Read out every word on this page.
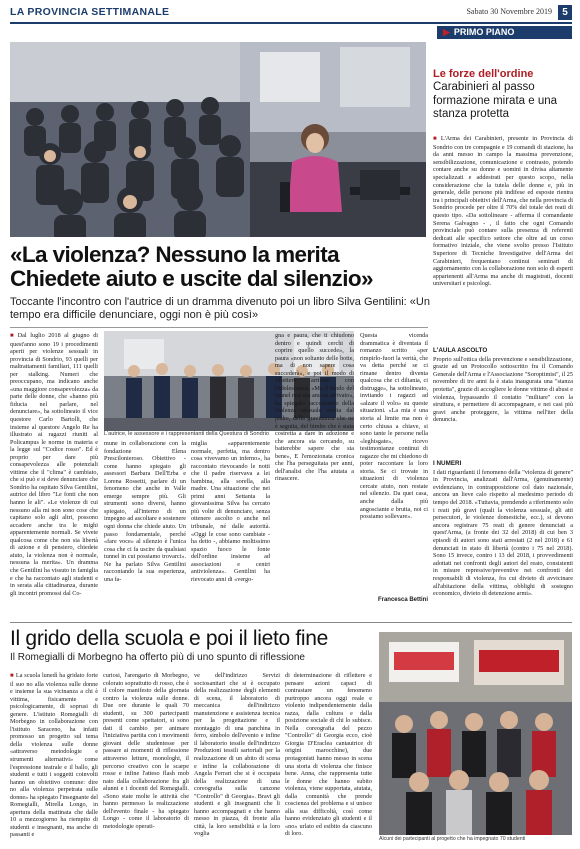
LA PROVINCIA SETTIMANALE	Sabato 30 Novembre 2019	5
▶ PRIMO PIANO
Le forze dell'ordine
Carabinieri al passo formazione mirata e una stanza protetta
■ L'Arma dei Carabinieri, presente in Provincia di Sondrio con tre compagnie e 19 comandi di stazione, ha da anni messo in campo la massima prevenzione, sensibilizzazione, comunicazione e contrasto, potendo contare anche su donne e uomini in divisa altamente specializzati e addestrati per questo scopo, nella considerazione che la tutela delle donne e, più in generale, delle persone più indifese ed esposte rientra tra i principali obiettivi dell'Arma, che nella provincia di Sondrio procede per oltre il 70% del totale dei reati di questo tipo. «Da sottolineare - afferma il comandante Serena Galvagno - , il fatto che ogni Comando provinciale può contare sulla presenza di referenti dedicati alle specifico settore che oltre ad un corso formativo iniziale, che viene svolto presso l'Istituto Superiore di Tecniche Investigative dell'Arma dei Carabinieri, frequentano continui seminari di aggiornamento con la collaborazione non solo di esperti appartenenti all'Arma ma anche di magistrati, docenti universitari e psicologi.
L'AULA ASCOLTO
Proprio sull'ottica della prevenzione e sensibilizzazione, grazie ad un Protocollo sottoscritto fra il Comando Generale dell'Arma e l'Associazione "Soroptimist", il 25 novembre di tre anni fa è stata inaugurata una "stanza protetta", grazie di accogliere le donne vittime di abusi e violenza, bypassando il contatto "militare" con la struttura, e permettere di accompagnare, e nei casi più gravi anche proteggere, la vittima nell'iter della denuncia.
I NUMERI
I dati riguardanti il fenomeno della "violenza di genere" in Provincia, analizzati dall'Arma, (genuinamente) evidenziano, in contrapposizione col dato nazionale, ancora un lieve calo rispetto al medesimo periodo di tempo del 2018. «Tuttavia, prendendo a riferimento solo i reati più gravi (quali la violenza sessuale, gli atti persecutori, le violenze domestiche, ecc.), si devono ancora registrare 75 reati di genere denunciati a quest'Arma, (a fronte dei 32 del 2018) di cui ben 3 episodi di autori sono stati arrestati (2 nel 2018) e 61 denunciati in stato di libertà (contro i 75 nel 2018). Sono 15 invece, contro i 13 del 2018, i provvedimenti adottati nei confronti degli autori del reato, consistenti in misure repressive/preventive nei confronti dei responsabili di violenza, fra cui divieto di avvicinare all'abitazione della vittima, obblighi di sostegno economico, divieto di detenzione armi».
«La violenza? Nessuno la merita Chiedete aiuto e uscite dal silenzio»
Toccante l'incontro con l'autrice di un dramma divenuto poi un libro Silva Gentilini: «Un tempo era difficile denunciare, oggi non è più così»
■ Dal luglio 2018 al giugno di quest'anno sono 19 i procedimenti aperti per violenze sessuali in provincia di Sondrio, 93 quelli per maltrattamenti familiari, 111 quelli per stalking. Numeri che preoccupano, ma indicano anche «una maggiore consapevolezza» da parte delle donne, che «hanno più fiducia nel parlare, nel denunciare», ha sottolineato il vice questore Carlo Bartolli, che insieme al questore Angelo Re ha illustrato ai ragazzi riuniti al Policampus le norme in materia e la legge sul "Codice rosso". Ed è proprio per dare più consapevolezza alle potenziali vittime che il "clima" è cambiato, che si può e si deve denunciare che Sondrio ha ospitato Silva Gentilini, autrice del libro "Le fonti che non hanno le ali". «Le violenze di cui nessuno alla mi non sono cose che capitano solo agli altri, possono accadere anche tra le mighi apparentemente normali. Se vivete qualcosa come che non sia libertà di azione e di pensiero, chiedete aiuto, la violenza non è normale, nessuna la merita». Un dramma che Gentilini ha vissuto in famiglia e che ha raccontato agli studenti e in serata alla cittadinanza, durante gli incontri promossi dal Co-
L'autrice, le assessore e i rappresentanti della Questura di Sondrio
mune in collaborazione con la fondazione Elena Prescilonieroso. Obiettivo - come hanno spiegato gli assessori Barbara Dell'Erba e Lorena Rossetti, parlare di un fenomeno che anche in Valle emerge sempre più. Gli strumenti sono diversi, hanno spiegato, all'interno di un impegno ad ascoltare e sostenere ogni donna che chiede aiuto. Un passo fondamentale, perché «fare voce» al silenzio è l'unica cosa che ci fa uscire da qualsiasi tunnel in cui possiamo trovarci». Ne ha parlato Silva Gentilini raccontando la sua esperienza, una fa-
miglia «apparentemente normale, perfetta, ma dentro cosa vivevamo un inferno», ha raccontato rievocando le notti che il padre riservava a lei bambina, alla sorella, alla madre. Una situazione che nei primi anni Settanta la giovanissima Silva ha cercato più volte di denunciare, senza ottenere ascolto o anche nel tribunale, né dalle autorità. «Oggi le cose sono cambiate - ha detto -, abbiamo moltissimo spazio fuoco le fonte dell'ordine insieme ad associazioni e centri antiviolenza». Gentilini ha rievocato anni di «vergo-
gna e paura, che ti chiudono dentro e quindi cerchi di coprire quello succede», la paura «non soltanto delle botte, ma di non sapere cosa succederà», e poi il modo di riflettere arrivato con l'adolescenza. «Ma il fondo del tunnel non era ancora arrivato», ha spiegato raccontando della violenza sessuale subita dal padre, della gravidanza che ne è seguita, del bimbo che è stata costretta a dare in adozione e che ancora sta cercando, su batterebbe sapere che sta bene», E l'emozionata cronica che l'ha perseguitata per anni, dell'analisi che l'ha aiutata a rinascere.
Questa vicenda drammatica è diventata il romanzo scritto «per rimpirlo-fuori la verità, che va detta perché se ci rimane dentro diventa qualcosa che ci diliania, ci distrugge», ha sottolineato, invitando i ragazzi ad «alzare il volo» su queste situazioni. «La mia è una storia al limite ma non è certo chiusa a chiave, si sono tante le persone nella «leghisgate», ricevo testimonianze continui di ragazze che mi chiedono di poter raccontare la loro storia. Se ci trovate in situazioni di violenza cercate aiuto, non restate nel silenzio. Da quei casa, anche dalla più angosciante e brutta, noi ci possiamo sollevare».
Francesca Bettini
Il grido della scuola e poi il lieto fine
Il Romegialli di Morbegno ha offerto più di uno spunto di riflessione
■ La scuola lunedì ha gridato forte il suo no alla violenza sulle donne e insieme la sua vicinanza a chi è vittima, fisicamente e psicologicamente, di soprusi di genere. L'istituto Romegialli di Morbegno in collaborazione con l'istituto Saraceno, ha infatti promosso un progetto sul tema della violenza sulle donne «attraverso metodologie e strumenti alternativi» come l'espressione teatrale e il ballo, gli studenti e tutti i soggetti coinvolti hanno un obiettivo comune: dire no alla violenza perpetrata sulle donne» ha spiegato l'insegnante del Romegialli, Mirella Longo, in apertura della mattinata che dalle 10 a mezzogiorno ha riempito di studenti e insegnanti, ma anche di passanti e
curiosi, l'arengario di Morbegno, colorato soprattutto di rosso, che è il colore manifesto della giornata contro la violenza sulle donne. Due ore durante le quali 70 studenti, su 300 partecipanti presenti come spettatori, si sono dati il cambio per animare l'iniziativa partita con i movimenti giovani delle studentesse per passare ai momenti di riflessione attraverso letture, monologhi, il percorso creativo con le scarpe rosse e infine l'atteso flash mob nato dalla collaborazione fra gli alunni e i docenti del Romegialli. «Sono state molte le attività che hanno permesso la realizzazione dell'evento finale - ha spiegato Longo - come il laboratorio di metodologie operati-
ve dell'indirizzo Servizi sociosanitari che si è occupato della realizzazione degli elementi di scena, il laboratorio di meccanica dell'indirizzo manutenzione e assistenza tecnica per la progettazione e il montaggio di una panchina in ferro, simbolo dell'evento e infine il laboratorio tessile dell'indirizzo Produzioni tessili sartoriali per la realizzazione di un abito di scena e infine la collaborazione di Angela Ferrari che si è occupata della realizzazione di una coreografia sulla canzone "Controllo" di Georgia». Bravi gli studenti e gli insegnanti che li hanno accompagnati e che hanno messo in piazza, di fronte alla città, la loro sensibilità e la loro voglia
di determinazione di riflettere e pensare azioni capaci di contrastare un fenomeno purtroppo ancora oggi reale e violento indipendentemente dalla razza, dalla cultura e dalla posizione sociale di chi lo subisce. Nella coreografia del pezzo "Controllo" di Georgia ecco, cioè Giorgia D'Eraclea cantautrice di origini marocchine), due protagonisti hanno messo in scena una storia di violenza che finisce bene. Anna, che rappresenta tutte le donne che hanno subito violenza, viene supportata, aiutata, dalla comunità che prende coscienza del problema e si unisce alla sua difficoltà, così come hanno evidenziato gli studenti e il «no» urlato ed esibito da ciascuno di loro.
Alcuni dei partecipanti al progetto che ha impegnato 70 studenti
